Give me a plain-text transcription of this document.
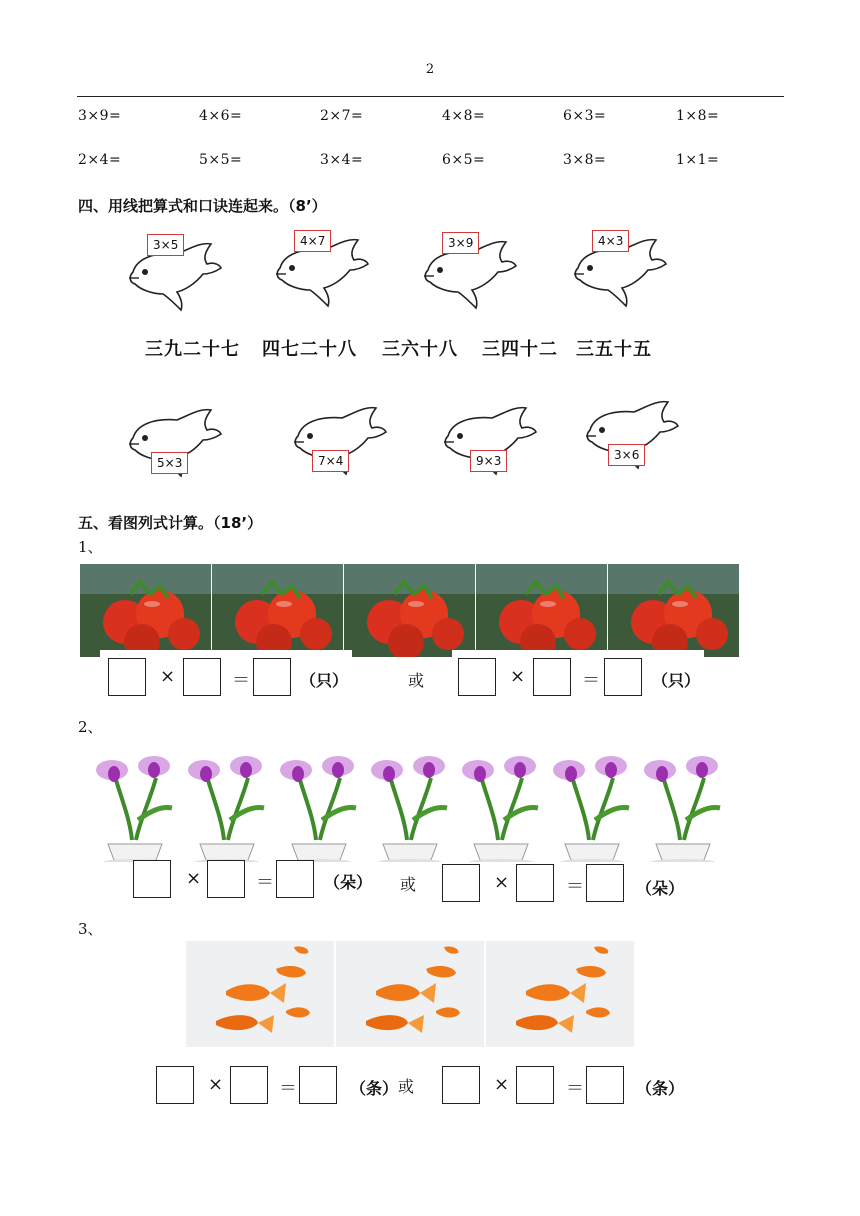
2
3×9=	4×6=	2×7=	4×8=	6×3=	1×8=
2×4=	5×5=	3×4=	6×5=	3×8=	1×1=
四、用线把算式和口诀连起来。（8’）
3×5	4×7	3×9	4×3
三九二十七 四七二十八 三六十八 三四十二 三五十五
5×3	7×4	9×3	3×6
五、看图列式计算。（18’）
1、
×	＝	（只）	或	×	＝	（只）
2、
×	＝	（朵） 或	×	＝	（朵）
3、
×	＝	（条） 或	×	＝	（条）
